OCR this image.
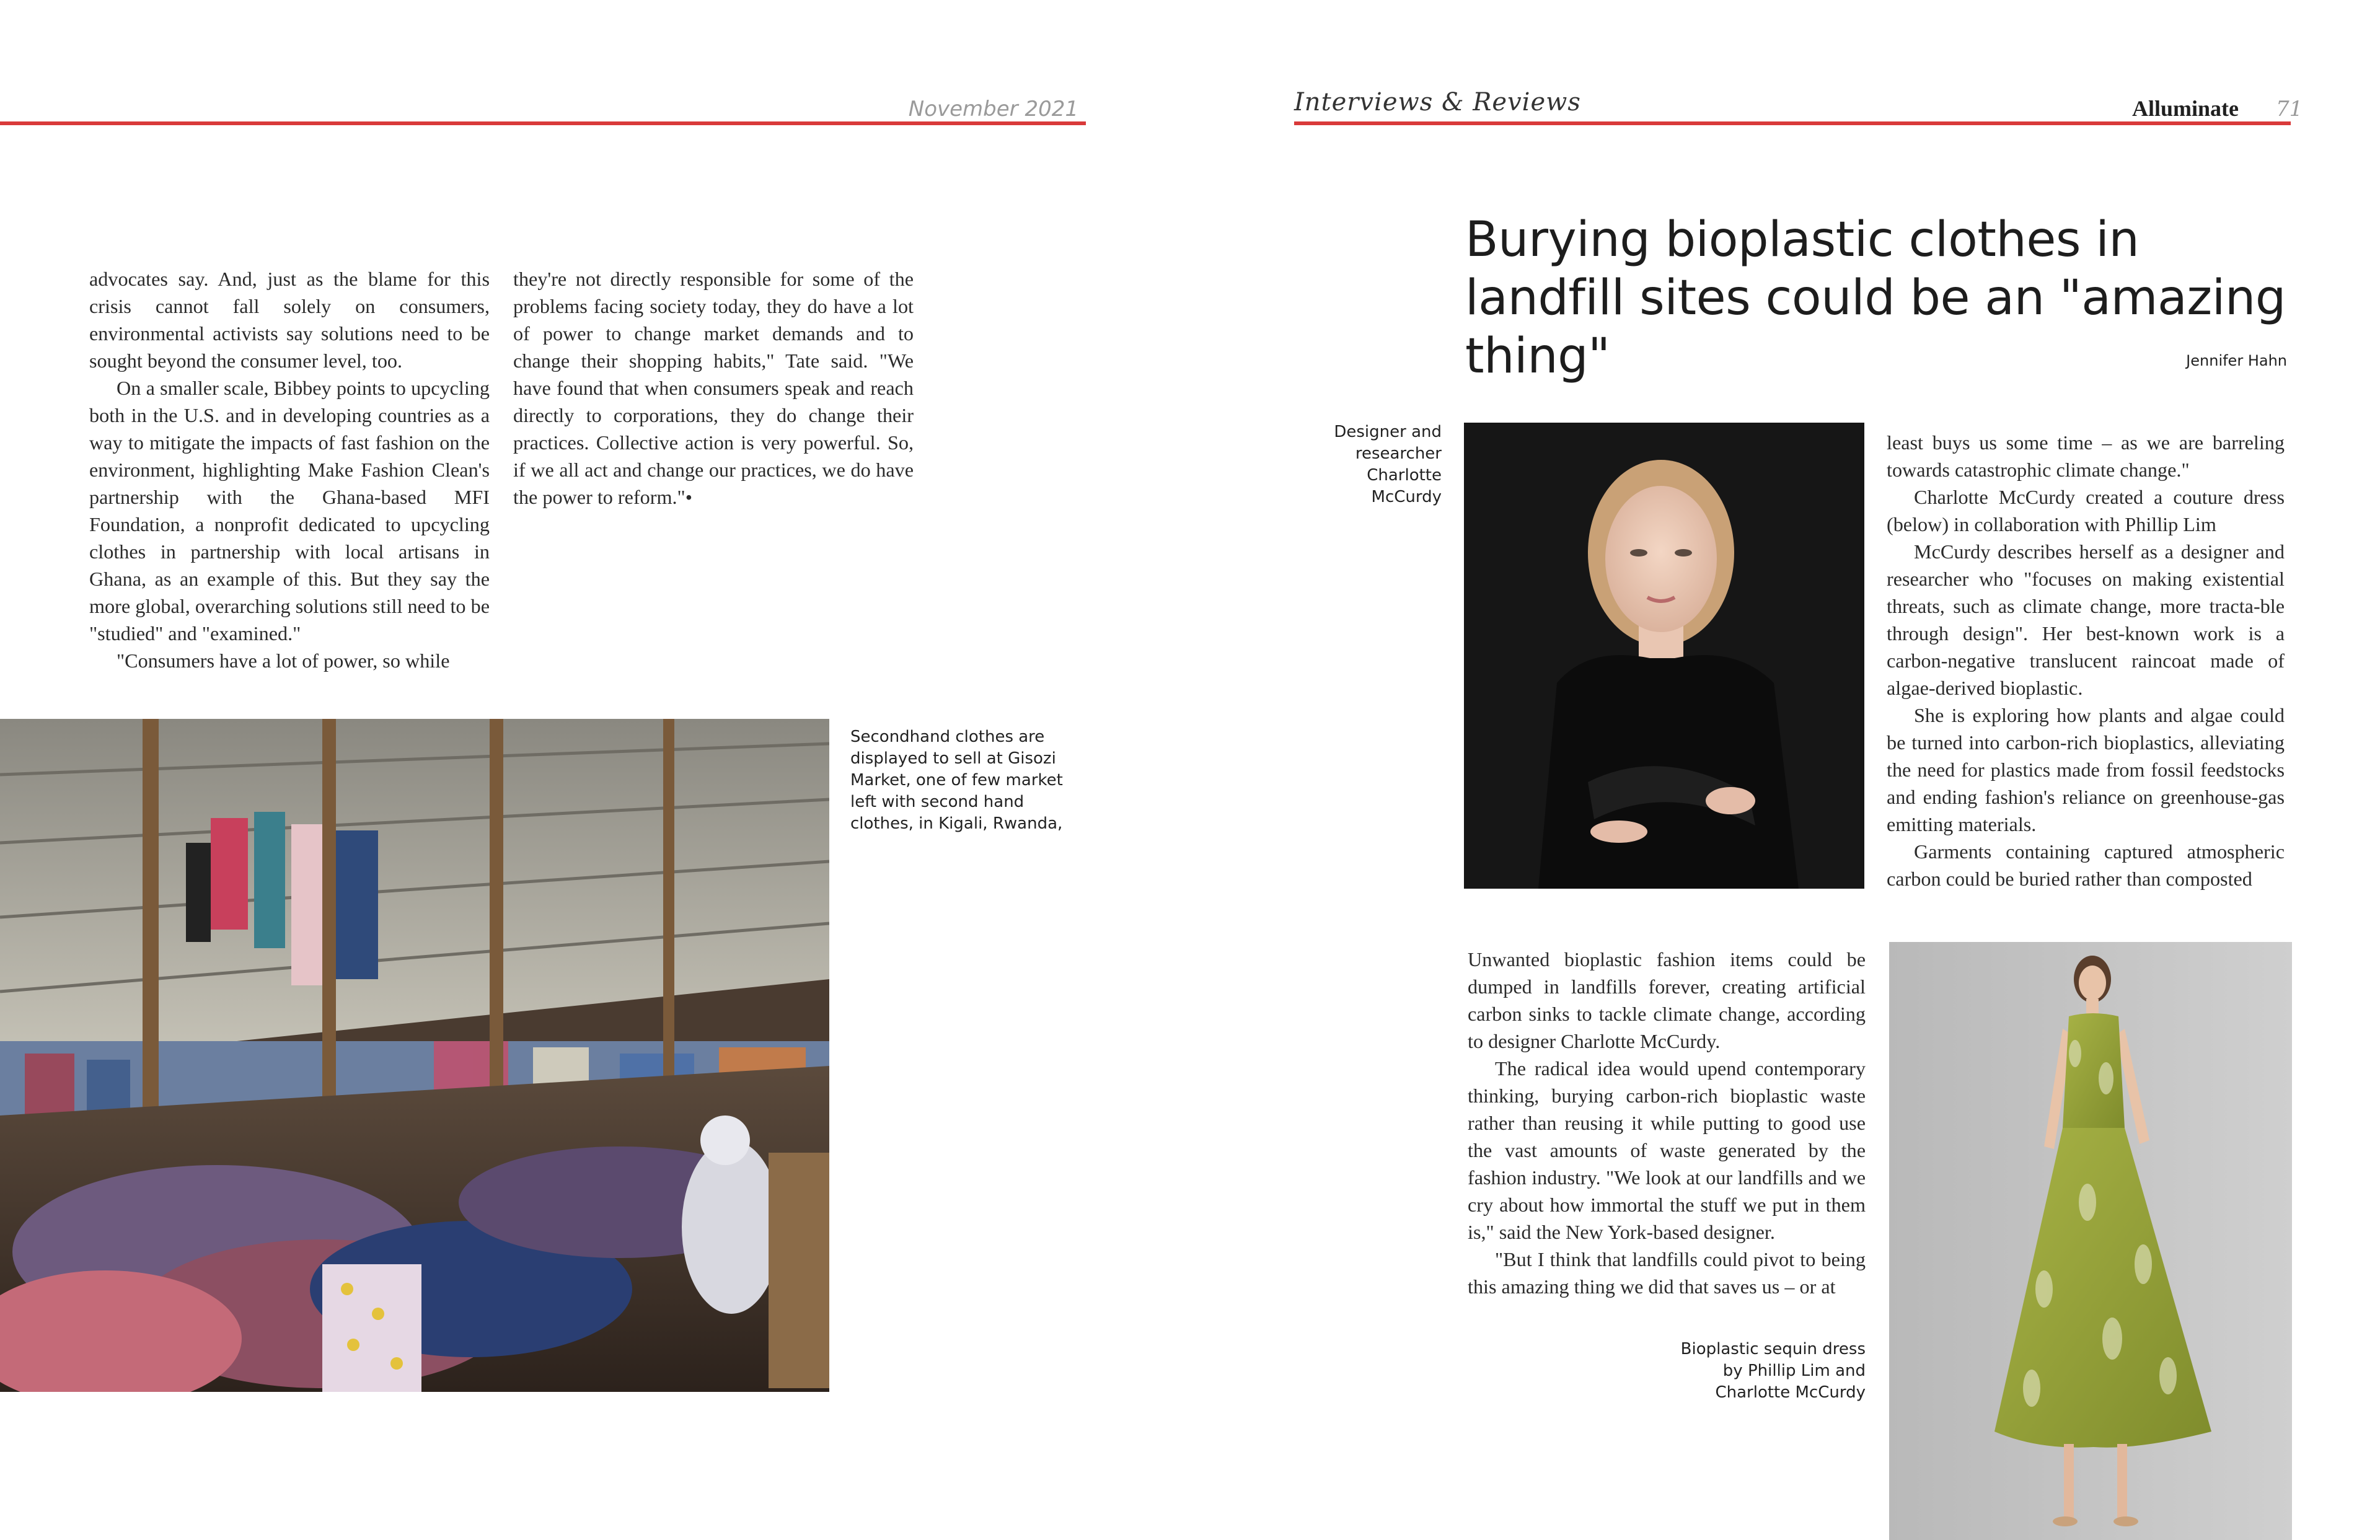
November 2021	Interviews & Reviews	Alluminate	71

advocates say. And, just as the blame for this crisis cannot fall solely on consumers, environmental activists say solutions need to be sought beyond the consumer level, too.

On a smaller scale, Bibbey points to upcycling both in the U.S. and in developing countries as a way to mitigate the impacts of fast fashion on the environment, highlighting Make Fashion Clean's partnership with the Ghana-based MFI Foundation, a nonprofit dedicated to upcycling clothes in partnership with local artisans in Ghana, as an example of this. But they say the more global, overarching solutions still need to be "studied" and "examined."

"Consumers have a lot of power, so while

they're not directly responsible for some of the problems facing society today, they do have a lot of power to change market demands and to change their shopping habits," Tate said. "We have found that when consumers speak and reach directly to corporations, they do change their practices. Collective action is very powerful. So, if we all act and change our practices, we do have the power to reform."•

Secondhand clothes are displayed to sell at Gisozi Market, one of few market left with second hand clothes, in Kigali, Rwanda,
Burying bioplastic clothes in landfill sites could be an "amazing thing"	Jennifer Hahn
Designer and researcher Charlotte McCurdy

least buys us some time – as we are barreling towards catastrophic climate change."

Charlotte McCurdy created a couture dress (below) in collaboration with Phillip Lim

McCurdy describes herself as a designer and researcher who "focuses on making existential threats, such as climate change, more tracta-ble through design". Her best-known work is a carbon-negative translucent raincoat made of algae-derived bioplastic.

She is exploring how plants and algae could be turned into carbon-rich bioplastics, alleviating the need for plastics made from fossil feedstocks and ending fashion's reliance on greenhouse-gas emitting materials.

Garments containing captured atmospheric carbon could be buried rather than composted

Unwanted bioplastic fashion items could be dumped in landfills forever, creating artificial carbon sinks to tackle climate change, according to designer Charlotte McCurdy.

The radical idea would upend contemporary thinking, burying carbon-rich bioplastic waste rather than reusing it while putting to good use the vast amounts of waste generated by the fashion industry. "We look at our landfills and we cry about how immortal the stuff we put in them is," said the New York-based designer.

"But I think that landfills could pivot to being this amazing thing we did that saves us – or at

Bioplastic sequin dress by Phillip Lim and Charlotte McCurdy
